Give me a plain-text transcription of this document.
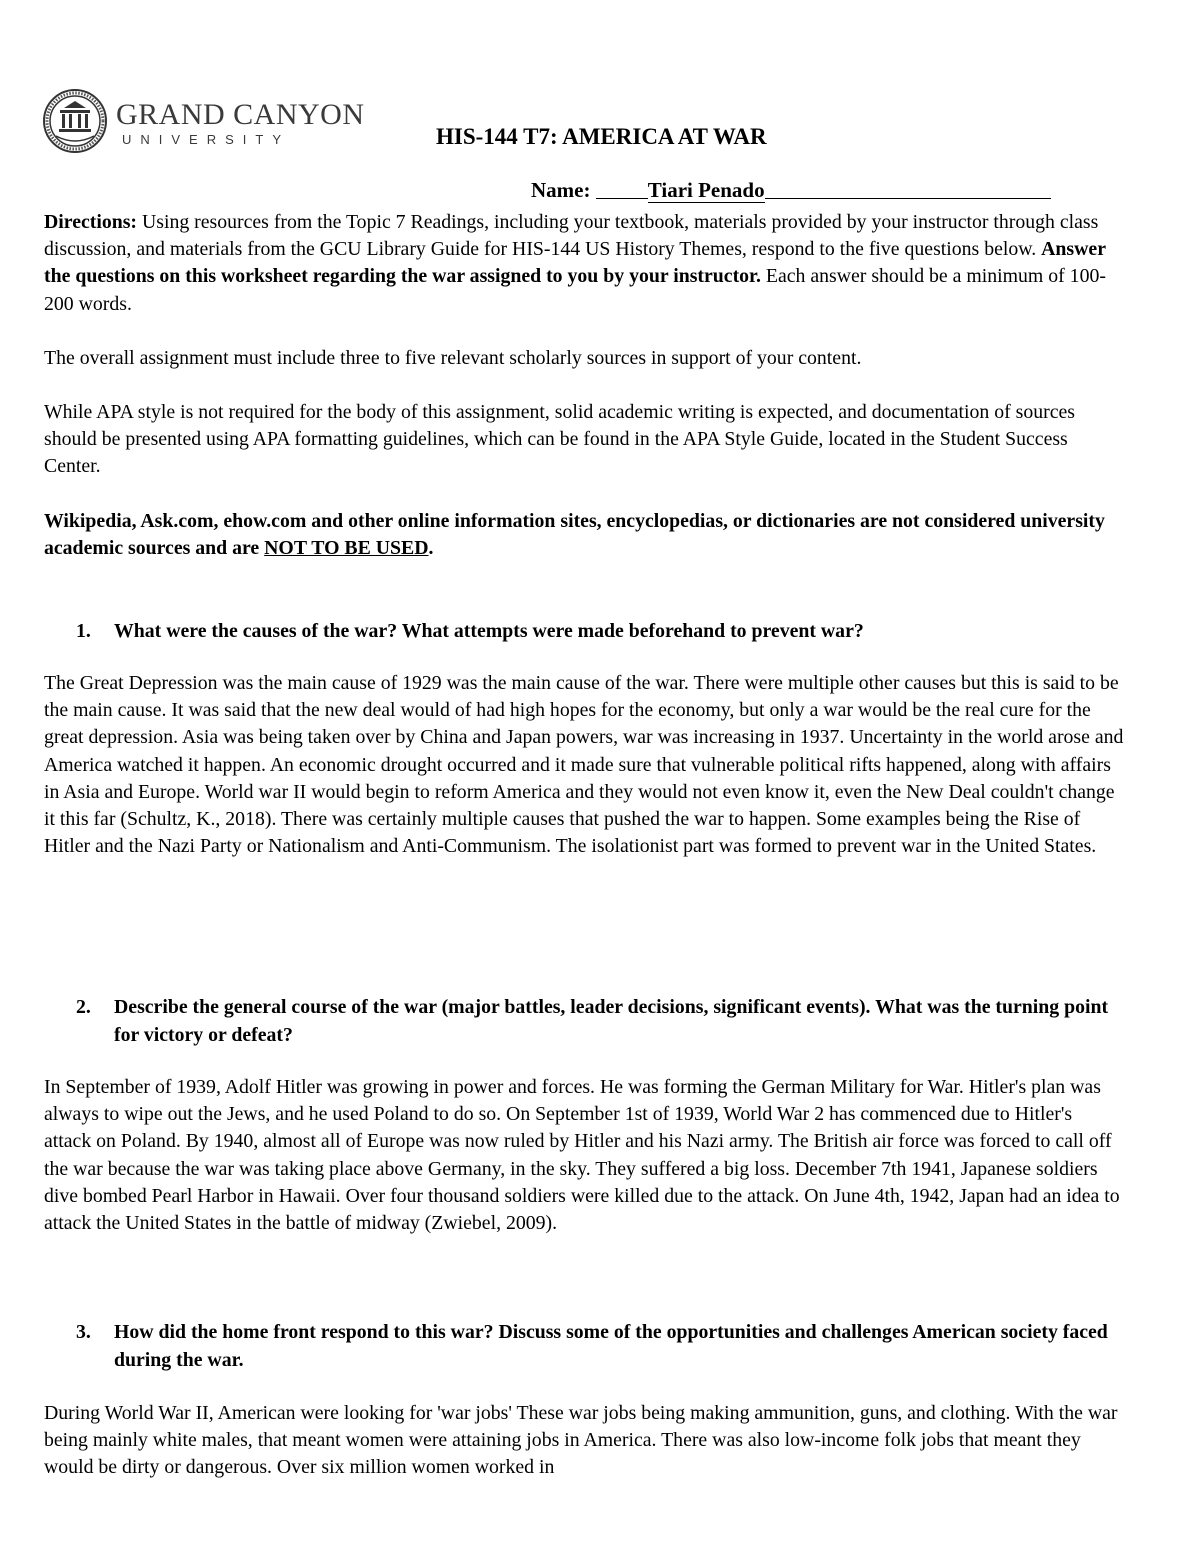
GRAND CANYON
UNIVERSITY	HIS-144 T7: AMERICA AT WAR
Name:	Tiari Penado

Directions: Using resources from the Topic 7 Readings, including your textbook, materials provided by your instructor through class discussion, and materials from the GCU Library Guide for HIS-144 US History Themes, respond to the five questions below. Answer the questions on this worksheet regarding the war assigned to you by your instructor. Each answer should be a minimum of 100-200 words.

The overall assignment must include three to five relevant scholarly sources in support of your content.

While APA style is not required for the body of this assignment, solid academic writing is expected, and documentation of sources should be presented using APA formatting guidelines, which can be found in the APA Style Guide, located in the Student Success Center.

Wikipedia, Ask.com, ehow.com and other online information sites, encyclopedias, or dictionaries are not considered university academic sources and are NOT TO BE USED.

1.	What were the causes of the war? What attempts were made beforehand to prevent war?

The Great Depression was the main cause of 1929 was the main cause of the war. There were multiple other causes but this is said to be the main cause. It was said that the new deal would of had high hopes for the economy, but only a war would be the real cure for the great depression. Asia was being taken over by China and Japan powers, war was increasing in 1937. Uncertainty in the world arose and America watched it happen. An economic drought occurred and it made sure that vulnerable political rifts happened, along with affairs in Asia and Europe. World war II would begin to reform America and they would not even know it, even the New Deal couldn't change it this far (Schultz, K., 2018). There was certainly multiple causes that pushed the war to happen. Some examples being the Rise of Hitler and the Nazi Party or Nationalism and Anti-Communism. The isolationist part was formed to prevent war in the United States.

2.	Describe the general course of the war (major battles, leader decisions, significant events). What was the turning point for victory or defeat?

In September of 1939, Adolf Hitler was growing in power and forces. He was forming the German Military for War. Hitler's plan was always to wipe out the Jews, and he used Poland to do so. On September 1st of 1939, World War 2 has commenced due to Hitler's attack on Poland. By 1940, almost all of Europe was now ruled by Hitler and his Nazi army. The British air force was forced to call off the war because the war was taking place above Germany, in the sky. They suffered a big loss. December 7th 1941, Japanese soldiers dive bombed Pearl Harbor in Hawaii. Over four thousand soldiers were killed due to the attack. On June 4th, 1942, Japan had an idea to attack the United States in the battle of midway (Zwiebel, 2009).

3.	How did the home front respond to this war? Discuss some of the opportunities and challenges American society faced during the war.

During World War II, American were looking for 'war jobs' These war jobs being making ammunition, guns, and clothing. With the war being mainly white males, that meant women were attaining jobs in America. There was also low-income folk jobs that meant they would be dirty or dangerous. Over six million women worked in
